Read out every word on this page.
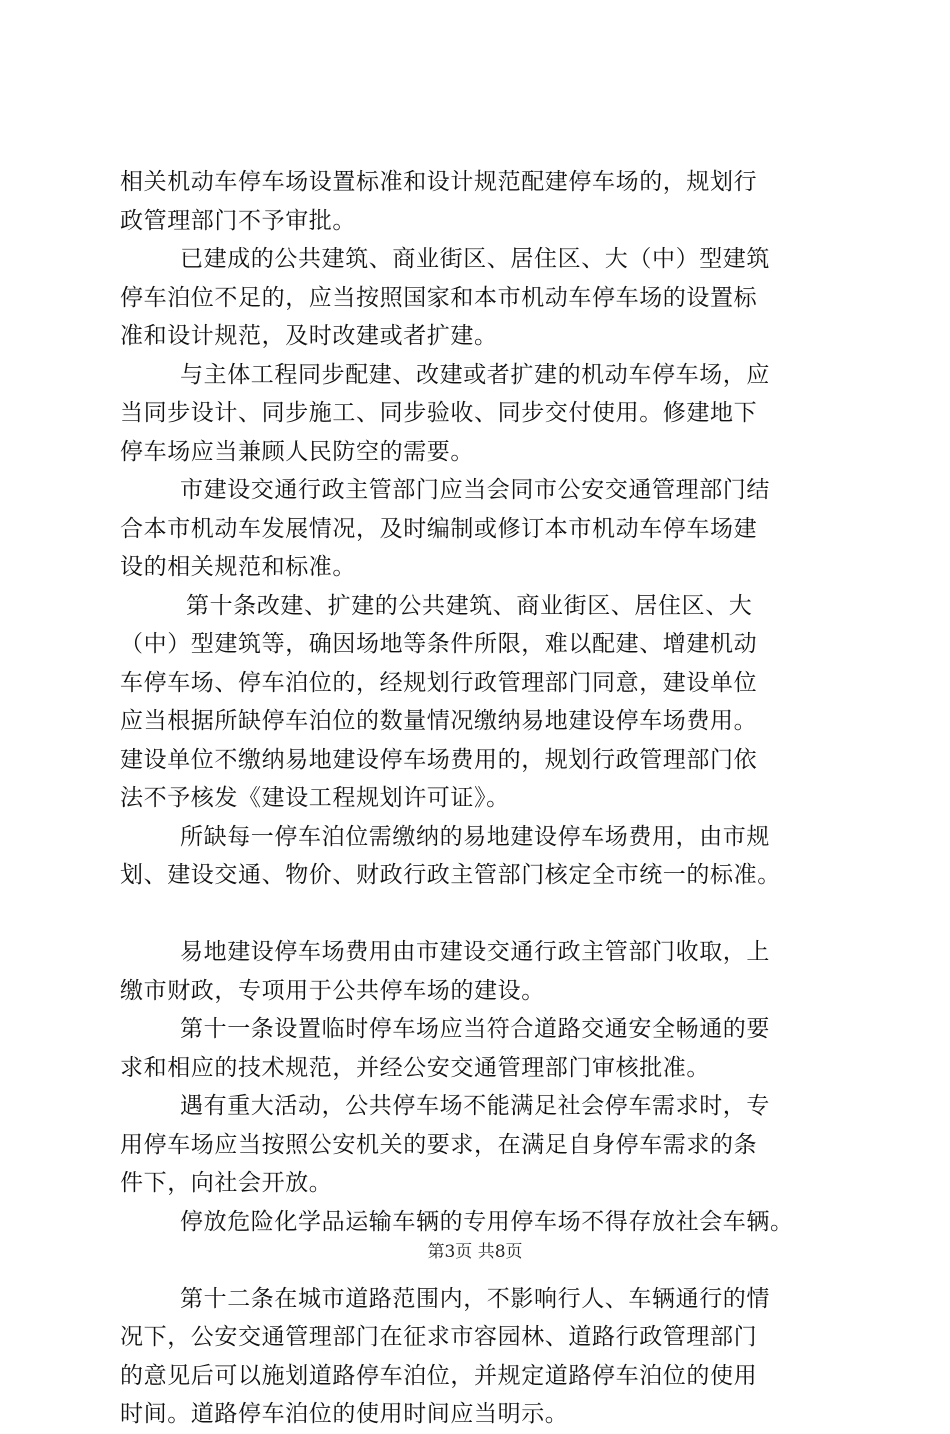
相关机动车停车场设置标准和设计规范配建停车场的，规划行
政管理部门不予审批。
已建成的公共建筑、商业街区、居住区、大（中）型建筑
停车泊位不足的，应当按照国家和本市机动车停车场的设置标
准和设计规范，及时改建或者扩建。
与主体工程同步配建、改建或者扩建的机动车停车场，应
当同步设计、同步施工、同步验收、同步交付使用。修建地下
停车场应当兼顾人民防空的需要。
市建设交通行政主管部门应当会同市公安交通管理部门结
合本市机动车发展情况，及时编制或修订本市机动车停车场建
设的相关规范和标准。
第十条改建、扩建的公共建筑、商业街区、居住区、大
（中）型建筑等，确因场地等条件所限，难以配建、增建机动
车停车场、停车泊位的，经规划行政管理部门同意，建设单位
应当根据所缺停车泊位的数量情况缴纳易地建设停车场费用。
建设单位不缴纳易地建设停车场费用的，规划行政管理部门依
法不予核发《建设工程规划许可证》。
所缺每一停车泊位需缴纳的易地建设停车场费用，由市规
划、建设交通、物价、财政行政主管部门核定全市统一的标准。
易地建设停车场费用由市建设交通行政主管部门收取，上
缴市财政，专项用于公共停车场的建设。
第十一条设置临时停车场应当符合道路交通安全畅通的要
求和相应的技术规范，并经公安交通管理部门审核批准。
遇有重大活动，公共停车场不能满足社会停车需求时，专
用停车场应当按照公安机关的要求，在满足自身停车需求的条
件下，向社会开放。
停放危险化学品运输车辆的专用停车场不得存放社会车辆。
第十二条在城市道路范围内，不影响行人、车辆通行的情
况下，公安交通管理部门在征求市容园林、道路行政管理部门
的意见后可以施划道路停车泊位，并规定道路停车泊位的使用
时间。道路停车泊位的使用时间应当明示。
第3页 共8页
